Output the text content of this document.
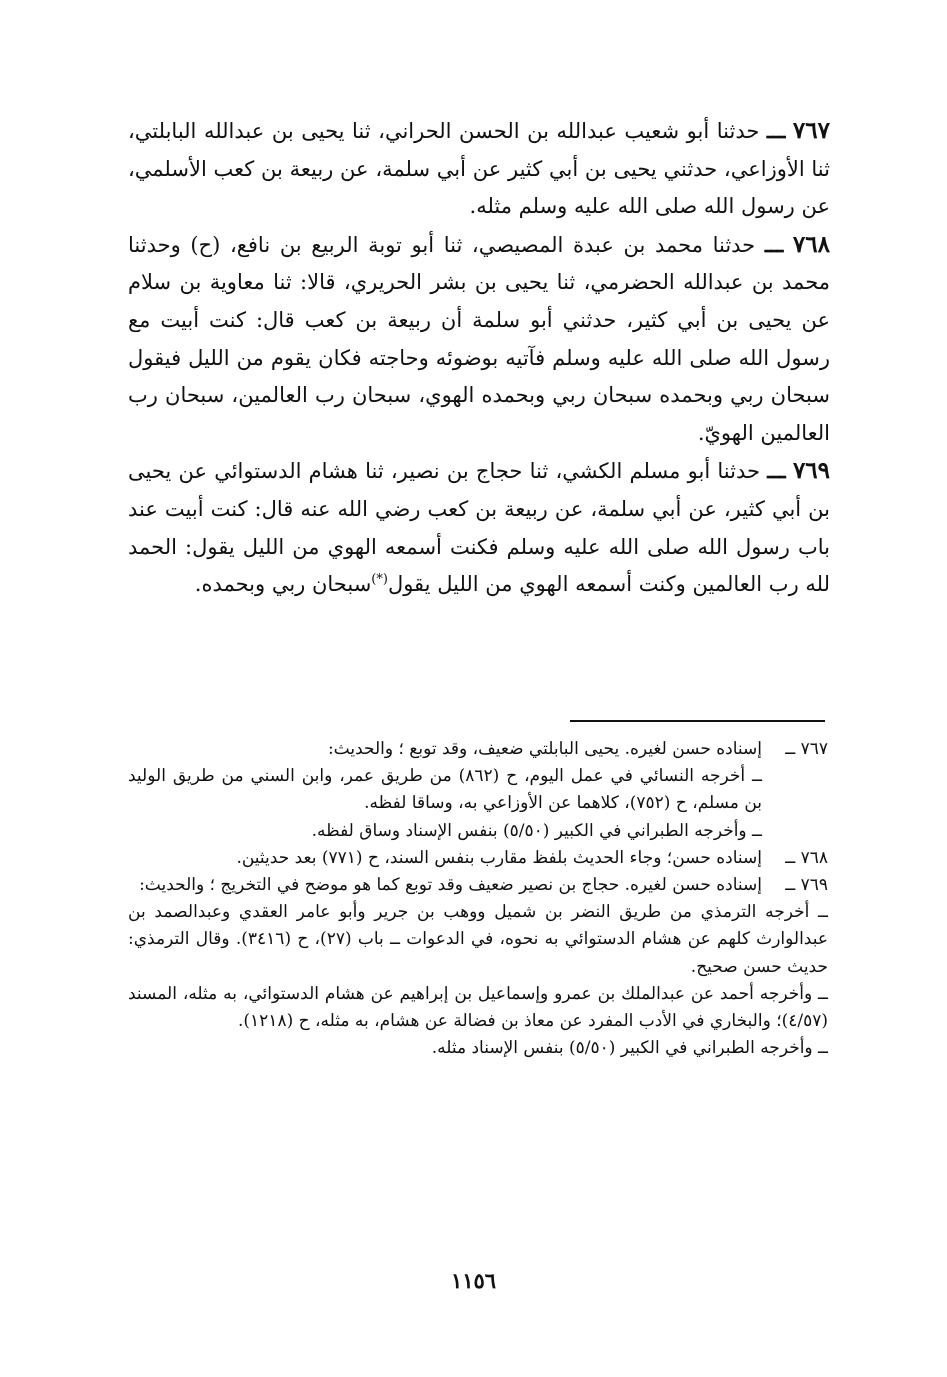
٧٦٧ ـــ حدثنا أبو شعيب عبدالله بن الحسن الحراني، ثنا يحيى بن عبدالله البابلتي، ثنا الأوزاعي، حدثني يحيى بن أبي كثير عن أبي سلمة، عن ربيعة بن كعب الأسلمي، عن رسول الله صلى الله عليه وسلم مثله.

٧٦٨ ـــ حدثنا محمد بن عبدة المصيصي، ثنا أبو توبة الربيع بن نافع، (ح) وحدثنا محمد بن عبدالله الحضرمي، ثنا يحيى بن بشر الحريري، قالا: ثنا معاوية بن سلام عن يحيى بن أبي كثير، حدثني أبو سلمة أن ربيعة بن كعب قال: كنت أبيت مع رسول الله صلى الله عليه وسلم فآتيه بوضوئه وحاجته فكان يقوم من الليل فيقول سبحان ربي وبحمده سبحان ربي وبحمده الهوي، سبحان رب العالمين، سبحان رب العالمين الهويّ.

٧٦٩ ـــ حدثنا أبو مسلم الكشي، ثنا حجاج بن نصير، ثنا هشام الدستوائي عن يحيى بن أبي كثير، عن أبي سلمة، عن ربيعة بن كعب رضي الله عنه قال: كنت أبيت عند باب رسول الله صلى الله عليه وسلم فكنت أسمعه الهوي من الليل يقول: الحمد لله رب العالمين وكنت أسمعه الهوي من الليل يقول(*)سبحان ربي وبحمده.

٧٦٧ ــ
إسناده حسن لغيره. يحيى البابلتي ضعيف، وقد توبع ؛ والحديث:
ــ أخرجه النسائي في عمل اليوم، ح (٨٦٢) من طريق عمر، وابن السني من طريق الوليد بن مسلم، ح (٧٥٢)، كلاهما عن الأوزاعي به، وساقا لفظه.
ــ وأخرجه الطبراني في الكبير (٥/٥٠) بنفس الإسناد وساق لفظه.
٧٦٨ ــ
إسناده حسن؛ وجاء الحديث بلفظ مقارب بنفس السند، ح (٧٧١) بعد حديثين.
٧٦٩ ــ
إسناده حسن لغيره. حجاج بن نصير ضعيف وقد توبع كما هو موضح في التخريج ؛ والحديث:
ــ أخرجه الترمذي من طريق النضر بن شميل ووهب بن جرير وأبو عامر العقدي وعبدالصمد بن عبدالوارث كلهم عن هشام الدستوائي به نحوه، في الدعوات ــ باب (٢٧)، ح (٣٤١٦). وقال الترمذي: حديث حسن صحيح.
ــ وأخرجه أحمد عن عبدالملك بن عمرو وإسماعيل بن إبراهيم عن هشام الدستوائي، به مثله، المسند (٤/٥٧)؛ والبخاري في الأدب المفرد عن معاذ بن فضالة عن هشام، به مثله، ح (١٢١٨).
ــ وأخرجه الطبراني في الكبير (٥/٥٠) بنفس الإسناد مثله.
١١٥٦
